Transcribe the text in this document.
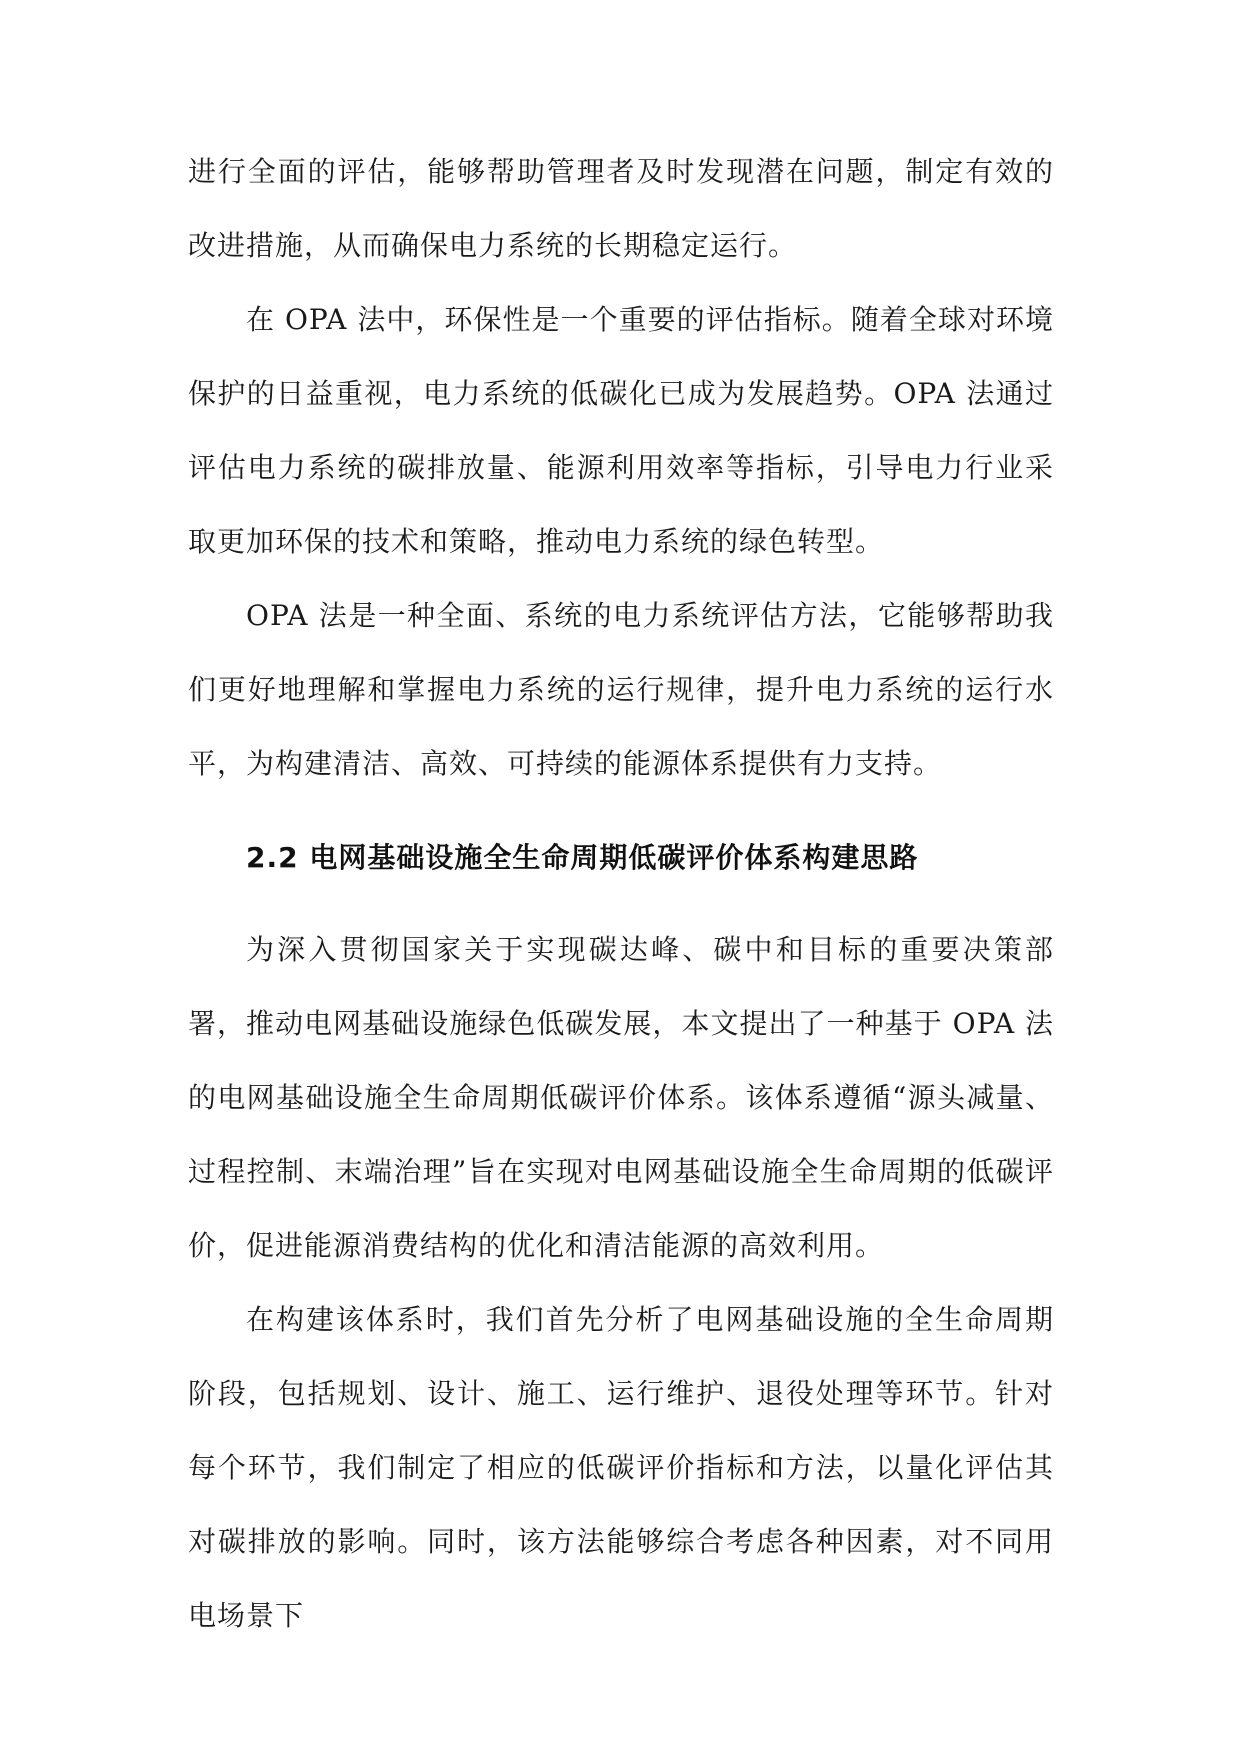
进行全面的评估，能够帮助管理者及时发现潜在问题，制定有效的改进措施，从而确保电力系统的长期稳定运行。

在 OPA 法中，环保性是一个重要的评估指标。随着全球对环境保护的日益重视，电力系统的低碳化已成为发展趋势。OPA 法通过评估电力系统的碳排放量、能源利用效率等指标，引导电力行业采取更加环保的技术和策略，推动电力系统的绿色转型。

OPA 法是一种全面、系统的电力系统评估方法，它能够帮助我们更好地理解和掌握电力系统的运行规律，提升电力系统的运行水平，为构建清洁、高效、可持续的能源体系提供有力支持。

2.2 电网基础设施全生命周期低碳评价体系构建思路

为深入贯彻国家关于实现碳达峰、碳中和目标的重要决策部署，推动电网基础设施绿色低碳发展，本文提出了一种基于 OPA 法的电网基础设施全生命周期低碳评价体系。该体系遵循“源头减量、过程控制、末端治理”旨在实现对电网基础设施全生命周期的低碳评价，促进能源消费结构的优化和清洁能源的高效利用。

在构建该体系时，我们首先分析了电网基础设施的全生命周期阶段，包括规划、设计、施工、运行维护、退役处理等环节。针对每个环节，我们制定了相应的低碳评价指标和方法，以量化评估其对碳排放的影响。同时，该方法能够综合考虑各种因素，对不同用电场景下
